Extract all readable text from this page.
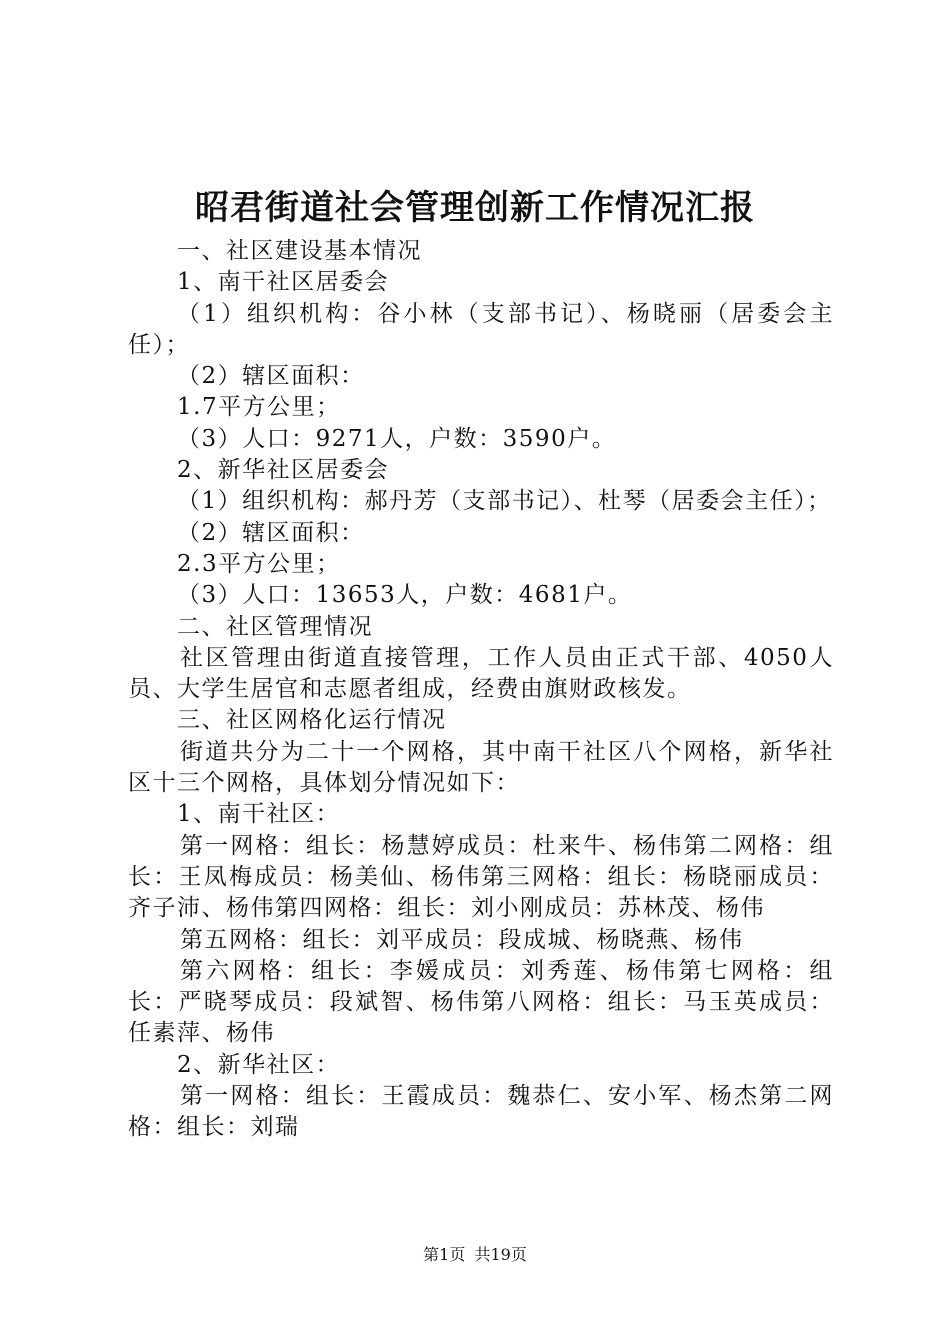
昭君街道社会管理创新工作情况汇报

一、社区建设基本情况

1、南干社区居委会

（1）组织机构：谷小林（支部书记）、杨晓丽（居委会主任）；

（2）辖区面积：

1.7平方公里；

（3）人口：9271人，户数：3590户。

2、新华社区居委会

（1）组织机构：郝丹芳（支部书记）、杜琴（居委会主任）；

（2）辖区面积：

2.3平方公里；

（3）人口：13653人，户数：4681户。

二、社区管理情况

社区管理由街道直接管理，工作人员由正式干部、4050人员、大学生居官和志愿者组成，经费由旗财政核发。

三、社区网格化运行情况

街道共分为二十一个网格，其中南干社区八个网格，新华社区十三个网格，具体划分情况如下：

1、南干社区：

第一网格：组长：杨慧婷成员：杜来牛、杨伟第二网格：组长：王凤梅成员：杨美仙、杨伟第三网格：组长：杨晓丽成员：齐子沛、杨伟第四网格：组长：刘小刚成员：苏林茂、杨伟

第五网格：组长：刘平成员：段成城、杨晓燕、杨伟

第六网格：组长：李媛成员：刘秀莲、杨伟第七网格：组长：严晓琴成员：段斌智、杨伟第八网格：组长：马玉英成员：任素萍、杨伟

2、新华社区：

第一网格：组长：王霞成员：魏恭仁、安小军、杨杰第二网格：组长：刘瑞

第1页 共19页
